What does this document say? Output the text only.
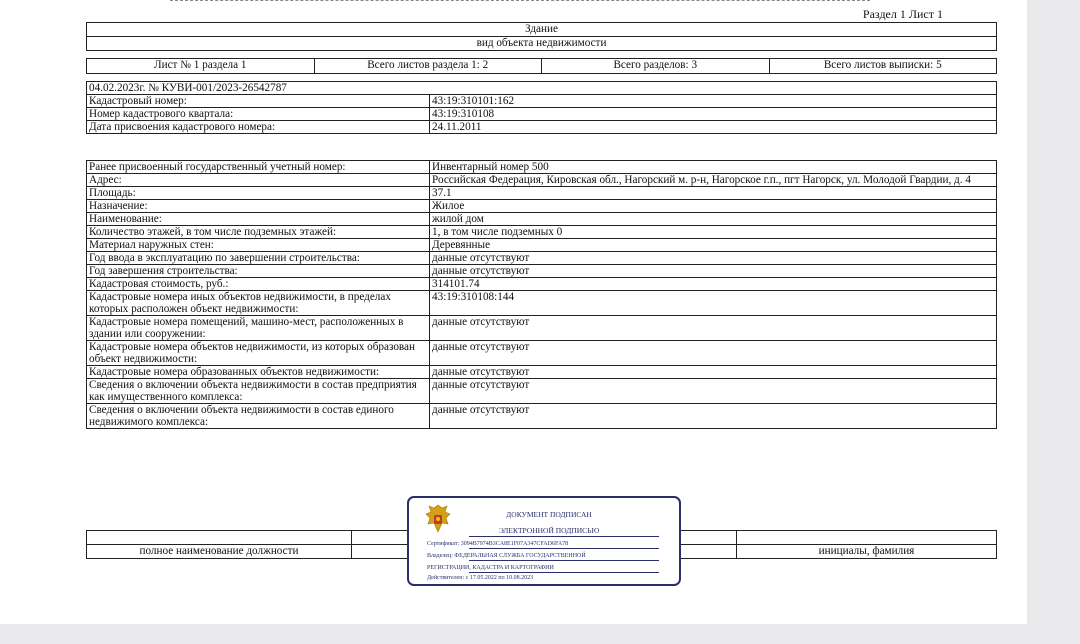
Раздел 1 Лист 1
Здание
вид объекта недвижимости
Лист № 1 раздела 1	Всего листов раздела 1: 2	Всего разделов: 3	Всего листов выписки: 5
04.02.2023г. № КУВИ-001/2023-26542787	
Кадастровый номер:	43:19:310101:162
Номер кадастрового квартала:	43:19:310108
Дата присвоения кадастрового номера:	24.11.2011
Ранее присвоенный государственный учетный номер:	Инвентарный номер 500
Адрес:	Российская Федерация, Кировская обл., Нагорский м. р-н, Нагорское г.п., пгт Нагорск, ул. Молодой Гвардии, д. 4
Площадь:	37.1
Назначение:	Жилое
Наименование:	жилой дом
Количество этажей, в том числе подземных этажей:	1, в том числе подземных 0
Материал наружных стен:	Деревянные
Год ввода в эксплуатацию по завершении строительства:	данные отсутствуют
Год завершения строительства:	данные отсутствуют
Кадастровая стоимость, руб.:	314101.74
Кадастровые номера иных объектов недвижимости, в пределах которых расположен объект недвижимости:	43:19:310108:144
Кадастровые номера помещений, машино-мест, расположенных в здании или сооружении:	данные отсутствуют
Кадастровые номера объектов недвижимости, из которых образован объект недвижимости:	данные отсутствуют
Кадастровые номера образованных объектов недвижимости:	данные отсутствуют
Сведения о включении объекта недвижимости в состав предприятия как имущественного комплекса:	данные отсутствуют
Сведения о включении объекта недвижимости в состав единого недвижимого комплекса:	данные отсутствуют

полное наименование должности		инициалы, фамилия

ДОКУМЕНТ ПОДПИСАН
ЭЛЕКТРОННОЙ ПОДПИСЬЮ
Сертификат: 3094B7974B3CA8E1F07A347CFAD6FA78
Владелец: ФЕДЕРАЛЬНАЯ СЛУЖБА ГОСУДАРСТВЕННОЙ
РЕГИСТРАЦИИ, КАДАСТРА И КАРТОГРАФИИ
Действителен: с 17.05.2022 по 10.08.2023
